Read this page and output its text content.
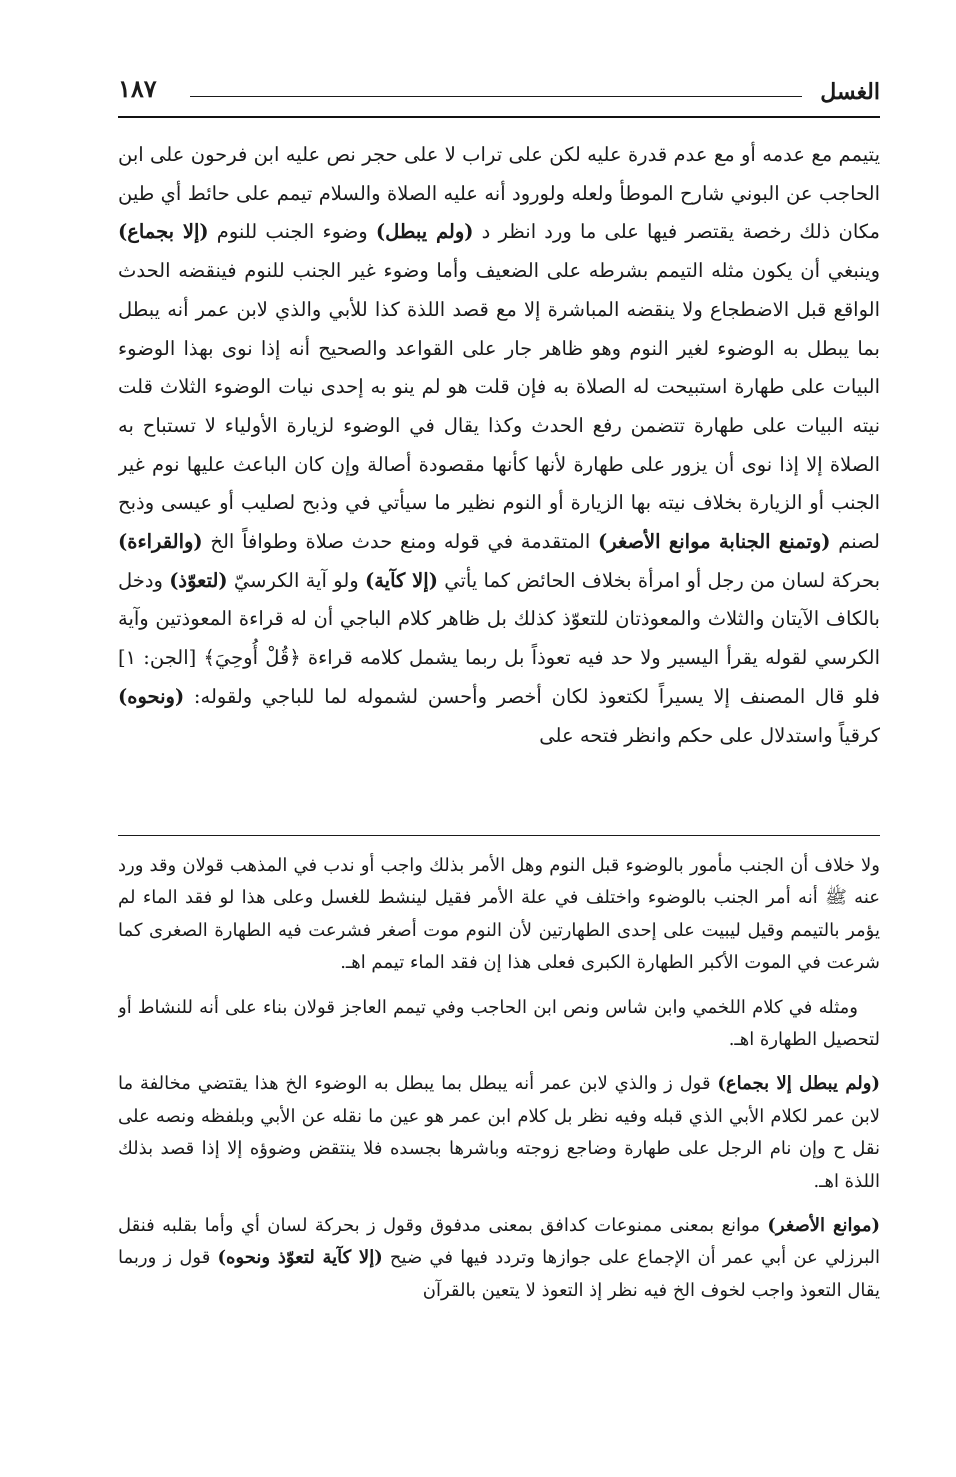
الغسل
١٨٧

يتيمم مع عدمه أو مع عدم قدرة عليه لكن على تراب لا على حجر نص عليه ابن فرحون على ابن الحاجب عن البوني شارح الموطأ ولعله ولورود أنه عليه الصلاة والسلام تيمم على حائط أي طين مكان ذلك رخصة يقتصر فيها على ما ورد انظر د (ولم يبطل) وضوء الجنب للنوم (إلا بجماع) وينبغي أن يكون مثله التيمم بشرطه على الضعيف وأما وضوء غير الجنب للنوم فينقضه الحدث الواقع قبل الاضطجاع ولا ينقضه المباشرة إلا مع قصد اللذة كذا للأبي والذي لابن عمر أنه يبطل بما يبطل به الوضوء لغير النوم وهو ظاهر جار على القواعد والصحيح أنه إذا نوى بهذا الوضوء البيات على طهارة استبيحت له الصلاة به فإن قلت هو لم ينو به إحدى نيات الوضوء الثلاث قلت نيته البيات على طهارة تتضمن رفع الحدث وكذا يقال في الوضوء لزيارة الأولياء لا تستباح به الصلاة إلا إذا نوى أن يزور على طهارة لأنها كأنها مقصودة أصالة وإن كان الباعث عليها نوم غير الجنب أو الزيارة بخلاف نيته بها الزيارة أو النوم نظير ما سيأتي في وذبح لصليب أو عيسى وذبح لصنم (وتمنع الجنابة موانع الأصغر) المتقدمة في قوله ومنع حدث صلاة وطوافاً الخ (والقراءة) بحركة لسان من رجل أو امرأة بخلاف الحائض كما يأتي (إلا كآية) ولو آية الكرسيّ (لتعوّذ) ودخل بالكاف الآيتان والثلاث والمعوذتان للتعوّذ كذلك بل ظاهر كلام الباجي أن له قراءة المعوذتين وآية الكرسي لقوله يقرأ اليسير ولا حد فيه تعوذاً بل ربما يشمل كلامه قراءة ﴿قُلْ أُوحِيَ﴾ [الجن: ١] فلو قال المصنف إلا يسيراً لكتعوذ لكان أخصر وأحسن لشموله لما للباجي ولقوله: (ونحوه) كرقياً واستدلال على حكم وانظر فتحه على

ولا خلاف أن الجنب مأمور بالوضوء قبل النوم وهل الأمر بذلك واجب أو ندب في المذهب قولان وقد ورد عنه ﷺ أنه أمر الجنب بالوضوء واختلف في علة الأمر فقيل لينشط للغسل وعلى هذا لو فقد الماء لم يؤمر بالتيمم وقيل ليبيت على إحدى الطهارتين لأن النوم موت أصغر فشرعت فيه الطهارة الصغرى كما شرعت في الموت الأكبر الطهارة الكبرى فعلى هذا إن فقد الماء تيمم اهـ.

ومثله في كلام اللخمي وابن شاس ونص ابن الحاجب وفي تيمم العاجز قولان بناء على أنه للنشاط أو لتحصيل الطهارة اهـ.

(ولم يبطل إلا بجماع) قول ز والذي لابن عمر أنه يبطل بما يبطل به الوضوء الخ هذا يقتضي مخالفة ما لابن عمر لكلام الأبي الذي قبله وفيه نظر بل كلام ابن عمر هو عين ما نقله عن الأبي وبلفظه ونصه على نقل ح وإن نام الرجل على طهارة وضاجع زوجته وباشرها بجسده فلا ينتقض وضوؤه إلا إذا قصد بذلك اللذة اهـ.

(موانع الأصغر) موانع بمعنى ممنوعات كدافق بمعنى مدفوق وقول ز بحركة لسان أي وأما بقلبه فنقل البرزلي عن أبي عمر أن الإجماع على جوازها وتردد فيها في ضيح (إلا كآية لتعوّذ ونحوه) قول ز وربما يقال التعوذ واجب لخوف الخ فيه نظر إذ التعوذ لا يتعين بالقرآن
